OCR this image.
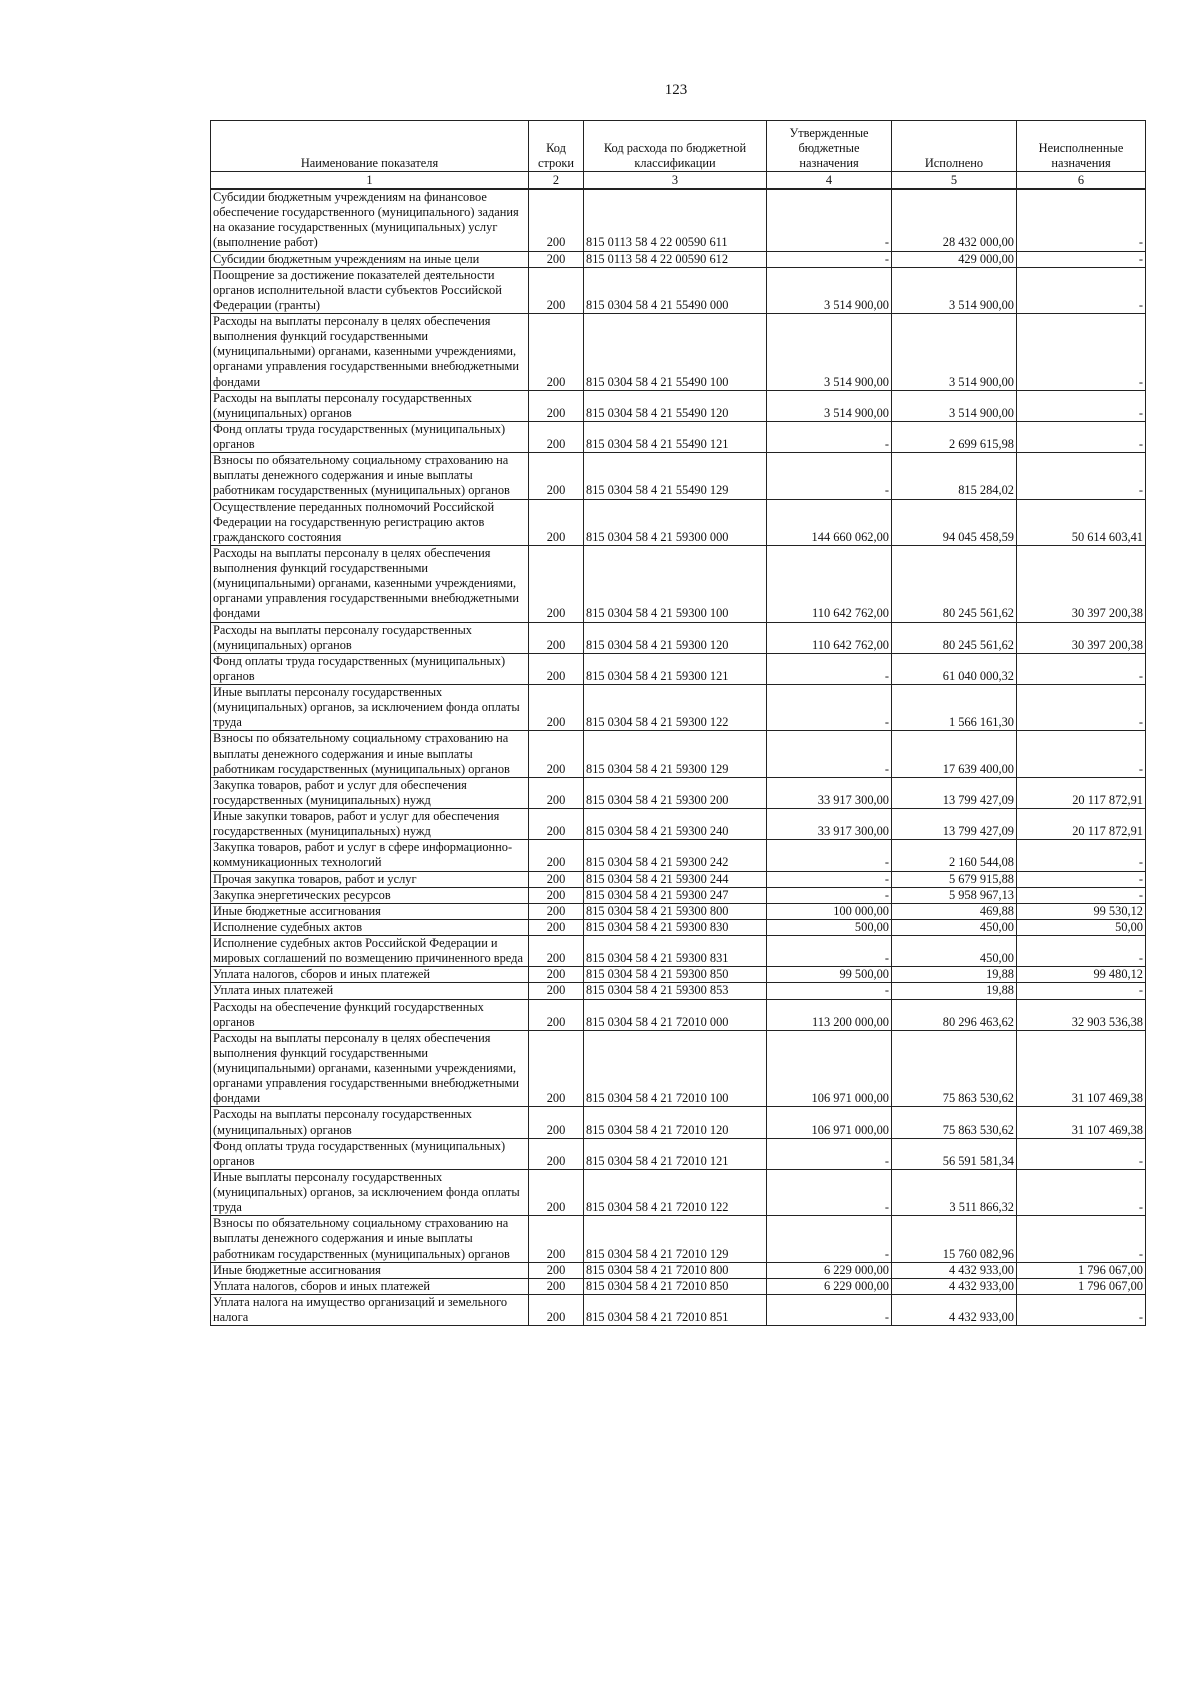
123
Наименование показателя	Код строки	Код расхода по бюджетной классификации	Утвержденные бюджетные назначения	Исполнено	Неисполненные назначения
1	2	3	4	5	6
Субсидии бюджетным учреждениям на финансовое обеспечение государственного (муниципального) задания на оказание государственных (муниципальных) услуг (выполнение работ)	200	815 0113 58 4 22 00590 611	-	28 432 000,00	-
Субсидии бюджетным учреждениям на иные цели	200	815 0113 58 4 22 00590 612	-	429 000,00	-
Поощрение за достижение показателей деятельности органов исполнительной власти субъектов Российской Федерации (гранты)	200	815 0304 58 4 21 55490 000	3 514 900,00	3 514 900,00	-
Расходы на выплаты персоналу в целях обеспечения выполнения функций государственными (муниципальными) органами, казенными учреждениями, органами управления государственными внебюджетными фондами	200	815 0304 58 4 21 55490 100	3 514 900,00	3 514 900,00	-
Расходы на выплаты персоналу государственных (муниципальных) органов	200	815 0304 58 4 21 55490 120	3 514 900,00	3 514 900,00	-
Фонд оплаты труда государственных (муниципальных) органов	200	815 0304 58 4 21 55490 121	-	2 699 615,98	-
Взносы по обязательному социальному страхованию на выплаты денежного содержания и иные выплаты работникам государственных (муниципальных) органов	200	815 0304 58 4 21 55490 129	-	815 284,02	-
Осуществление переданных полномочий Российской Федерации на государственную регистрацию актов гражданского состояния	200	815 0304 58 4 21 59300 000	144 660 062,00	94 045 458,59	50 614 603,41
Расходы на выплаты персоналу в целях обеспечения выполнения функций государственными (муниципальными) органами, казенными учреждениями, органами управления государственными внебюджетными фондами	200	815 0304 58 4 21 59300 100	110 642 762,00	80 245 561,62	30 397 200,38
Расходы на выплаты персоналу государственных (муниципальных) органов	200	815 0304 58 4 21 59300 120	110 642 762,00	80 245 561,62	30 397 200,38
Фонд оплаты труда государственных (муниципальных) органов	200	815 0304 58 4 21 59300 121	-	61 040 000,32	-
Иные выплаты персоналу государственных (муниципальных) органов, за исключением фонда оплаты труда	200	815 0304 58 4 21 59300 122	-	1 566 161,30	-
Взносы по обязательному социальному страхованию на выплаты денежного содержания и иные выплаты работникам государственных (муниципальных) органов	200	815 0304 58 4 21 59300 129	-	17 639 400,00	-
Закупка товаров, работ и услуг для обеспечения государственных (муниципальных) нужд	200	815 0304 58 4 21 59300 200	33 917 300,00	13 799 427,09	20 117 872,91
Иные закупки товаров, работ и услуг для обеспечения государственных (муниципальных) нужд	200	815 0304 58 4 21 59300 240	33 917 300,00	13 799 427,09	20 117 872,91
Закупка товаров, работ и услуг в сфере информационно-коммуникационных технологий	200	815 0304 58 4 21 59300 242	-	2 160 544,08	-
Прочая закупка товаров, работ и услуг	200	815 0304 58 4 21 59300 244	-	5 679 915,88	-
Закупка энергетических ресурсов	200	815 0304 58 4 21 59300 247	-	5 958 967,13	-
Иные бюджетные ассигнования	200	815 0304 58 4 21 59300 800	100 000,00	469,88	99 530,12
Исполнение судебных актов	200	815 0304 58 4 21 59300 830	500,00	450,00	50,00
Исполнение судебных актов Российской Федерации и мировых соглашений по возмещению причиненного вреда	200	815 0304 58 4 21 59300 831	-	450,00	-
Уплата налогов, сборов и иных платежей	200	815 0304 58 4 21 59300 850	99 500,00	19,88	99 480,12
Уплата иных платежей	200	815 0304 58 4 21 59300 853	-	19,88	-
Расходы на обеспечение функций государственных органов	200	815 0304 58 4 21 72010 000	113 200 000,00	80 296 463,62	32 903 536,38
Расходы на выплаты персоналу в целях обеспечения выполнения функций государственными (муниципальными) органами, казенными учреждениями, органами управления государственными внебюджетными фондами	200	815 0304 58 4 21 72010 100	106 971 000,00	75 863 530,62	31 107 469,38
Расходы на выплаты персоналу государственных (муниципальных) органов	200	815 0304 58 4 21 72010 120	106 971 000,00	75 863 530,62	31 107 469,38
Фонд оплаты труда государственных (муниципальных) органов	200	815 0304 58 4 21 72010 121	-	56 591 581,34	-
Иные выплаты персоналу государственных (муниципальных) органов, за исключением фонда оплаты труда	200	815 0304 58 4 21 72010 122	-	3 511 866,32	-
Взносы по обязательному социальному страхованию на выплаты денежного содержания и иные выплаты работникам государственных (муниципальных) органов	200	815 0304 58 4 21 72010 129	-	15 760 082,96	-
Иные бюджетные ассигнования	200	815 0304 58 4 21 72010 800	6 229 000,00	4 432 933,00	1 796 067,00
Уплата налогов, сборов и иных платежей	200	815 0304 58 4 21 72010 850	6 229 000,00	4 432 933,00	1 796 067,00
Уплата налога на имущество организаций и земельного налога	200	815 0304 58 4 21 72010 851	-	4 432 933,00	-
